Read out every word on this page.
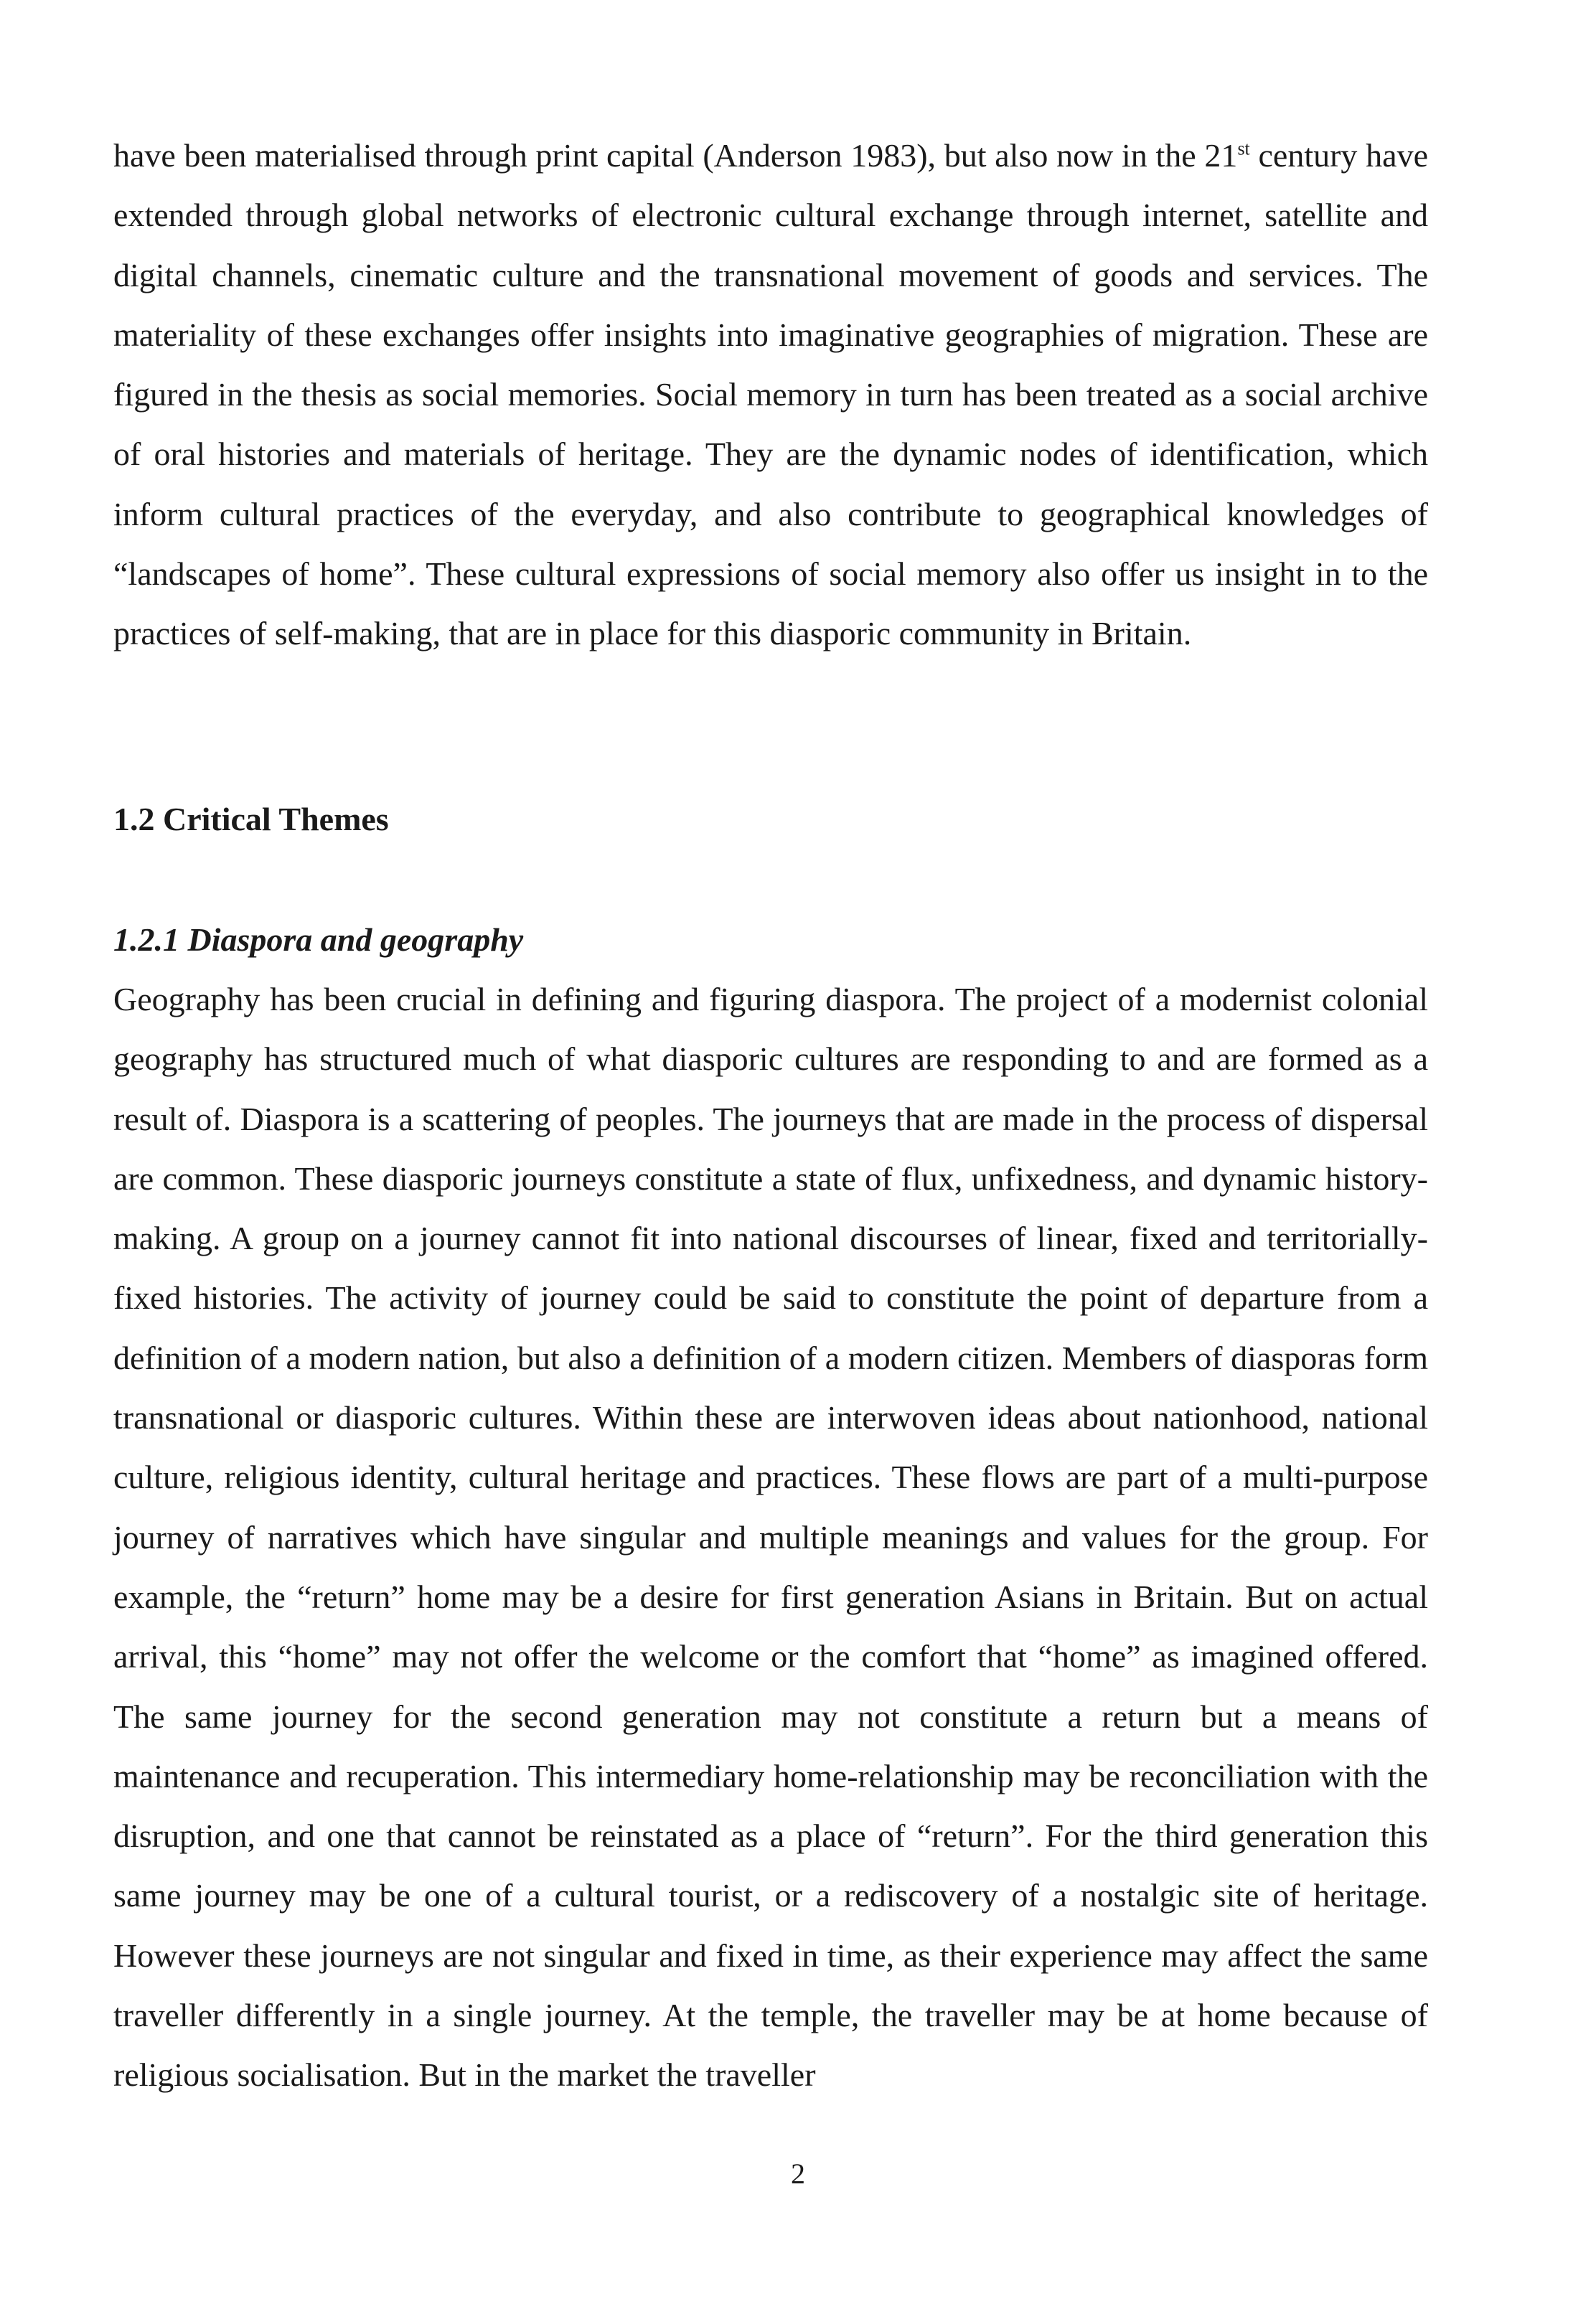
have been materialised through print capital (Anderson 1983), but also now in the 21st century have extended through global networks of electronic cultural exchange through internet, satellite and digital channels, cinematic culture and the transnational movement of goods and services. The materiality of these exchanges offer insights into imaginative geographies of migration. These are figured in the thesis as social memories. Social memory in turn has been treated as a social archive of oral histories and materials of heritage. They are the dynamic nodes of identification, which inform cultural practices of the everyday, and also contribute to geographical knowledges of “landscapes of home”. These cultural expressions of social memory also offer us insight in to the practices of self-making, that are in place for this diasporic community in Britain.

1.2 Critical Themes
1.2.1 Diaspora and geography

Geography has been crucial in defining and figuring diaspora. The project of a modernist colonial geography has structured much of what diasporic cultures are responding to and are formed as a result of. Diaspora is a scattering of peoples. The journeys that are made in the process of dispersal are common. These diasporic journeys constitute a state of flux, unfixedness, and dynamic history-making. A group on a journey cannot fit into national discourses of linear, fixed and territorially-fixed histories. The activity of journey could be said to constitute the point of departure from a definition of a modern nation, but also a definition of a modern citizen. Members of diasporas form transnational or diasporic cultures. Within these are interwoven ideas about nationhood, national culture, religious identity, cultural heritage and practices. These flows are part of a multi-purpose journey of narratives which have singular and multiple meanings and values for the group. For example, the “return” home may be a desire for first generation Asians in Britain. But on actual arrival, this “home” may not offer the welcome or the comfort that “home” as imagined offered. The same journey for the second generation may not constitute a return but a means of maintenance and recuperation. This intermediary home-relationship may be reconciliation with the disruption, and one that cannot be reinstated as a place of “return”. For the third generation this same journey may be one of a cultural tourist, or a rediscovery of a nostalgic site of heritage. However these journeys are not singular and fixed in time, as their experience may affect the same traveller differently in a single journey. At the temple, the traveller may be at home because of religious socialisation. But in the market the traveller

2
